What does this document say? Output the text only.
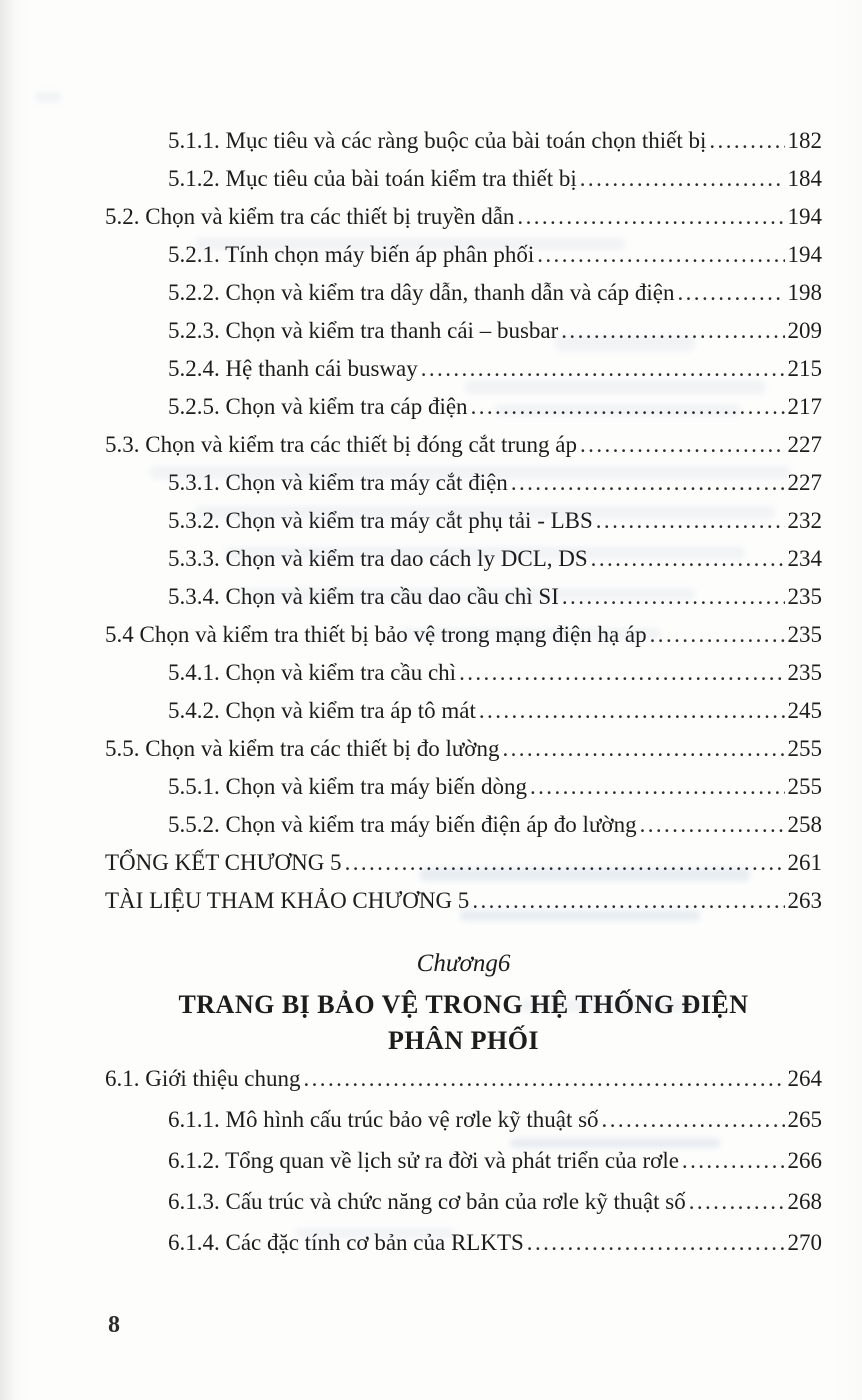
5.1.1. Mục tiêu và các ràng buộc của bài toán chọn thiết bị .....	182
5.1.2. Mục tiêu của bài toán kiểm tra thiết bị .....	184
5.2. Chọn và kiểm tra các thiết bị truyền dẫn .....	194
5.2.1. Tính chọn máy biến áp phân phối .....	194
5.2.2. Chọn và kiểm tra dây dẫn, thanh dẫn và cáp điện .....	198
5.2.3. Chọn và kiểm tra thanh cái – busbar .....	209
5.2.4. Hệ thanh cái busway .....	215
5.2.5. Chọn và kiểm tra cáp điện .....	217
5.3. Chọn và kiểm tra các thiết bị đóng cắt trung áp .....	227
5.3.1. Chọn và kiểm tra máy cắt điện .....	227
5.3.2. Chọn và kiểm tra máy cắt phụ tải - LBS .....	232
5.3.3. Chọn và kiểm tra dao cách ly DCL, DS .....	234
5.3.4. Chọn và kiểm tra cầu dao cầu chì SI .....	235
5.4 Chọn và kiểm tra thiết bị bảo vệ trong mạng điện hạ áp .....	235
5.4.1. Chọn và kiểm tra cầu chì .....	235
5.4.2. Chọn và kiểm tra áp tô mát .....	245
5.5. Chọn và kiểm tra các thiết bị đo lường .....	255
5.5.1. Chọn và kiểm tra máy biến dòng .....	255
5.5.2. Chọn và kiểm tra máy biến điện áp đo lường .....	258
TỔNG KẾT CHƯƠNG 5 .....	261
TÀI LIỆU THAM KHẢO CHƯƠNG 5 .....	263
Chương6
TRANG BỊ BẢO VỆ TRONG HỆ THỐNG ĐIỆN
PHÂN PHỐI
6.1. Giới thiệu chung .....	264
6.1.1. Mô hình cấu trúc bảo vệ rơle kỹ thuật số .....	265
6.1.2. Tổng quan về lịch sử ra đời và phát triển của rơle .....	266
6.1.3. Cấu trúc và chức năng cơ bản của rơle kỹ thuật số .....	268
6.1.4. Các đặc tính cơ bản của RLKTS .....	270
8
